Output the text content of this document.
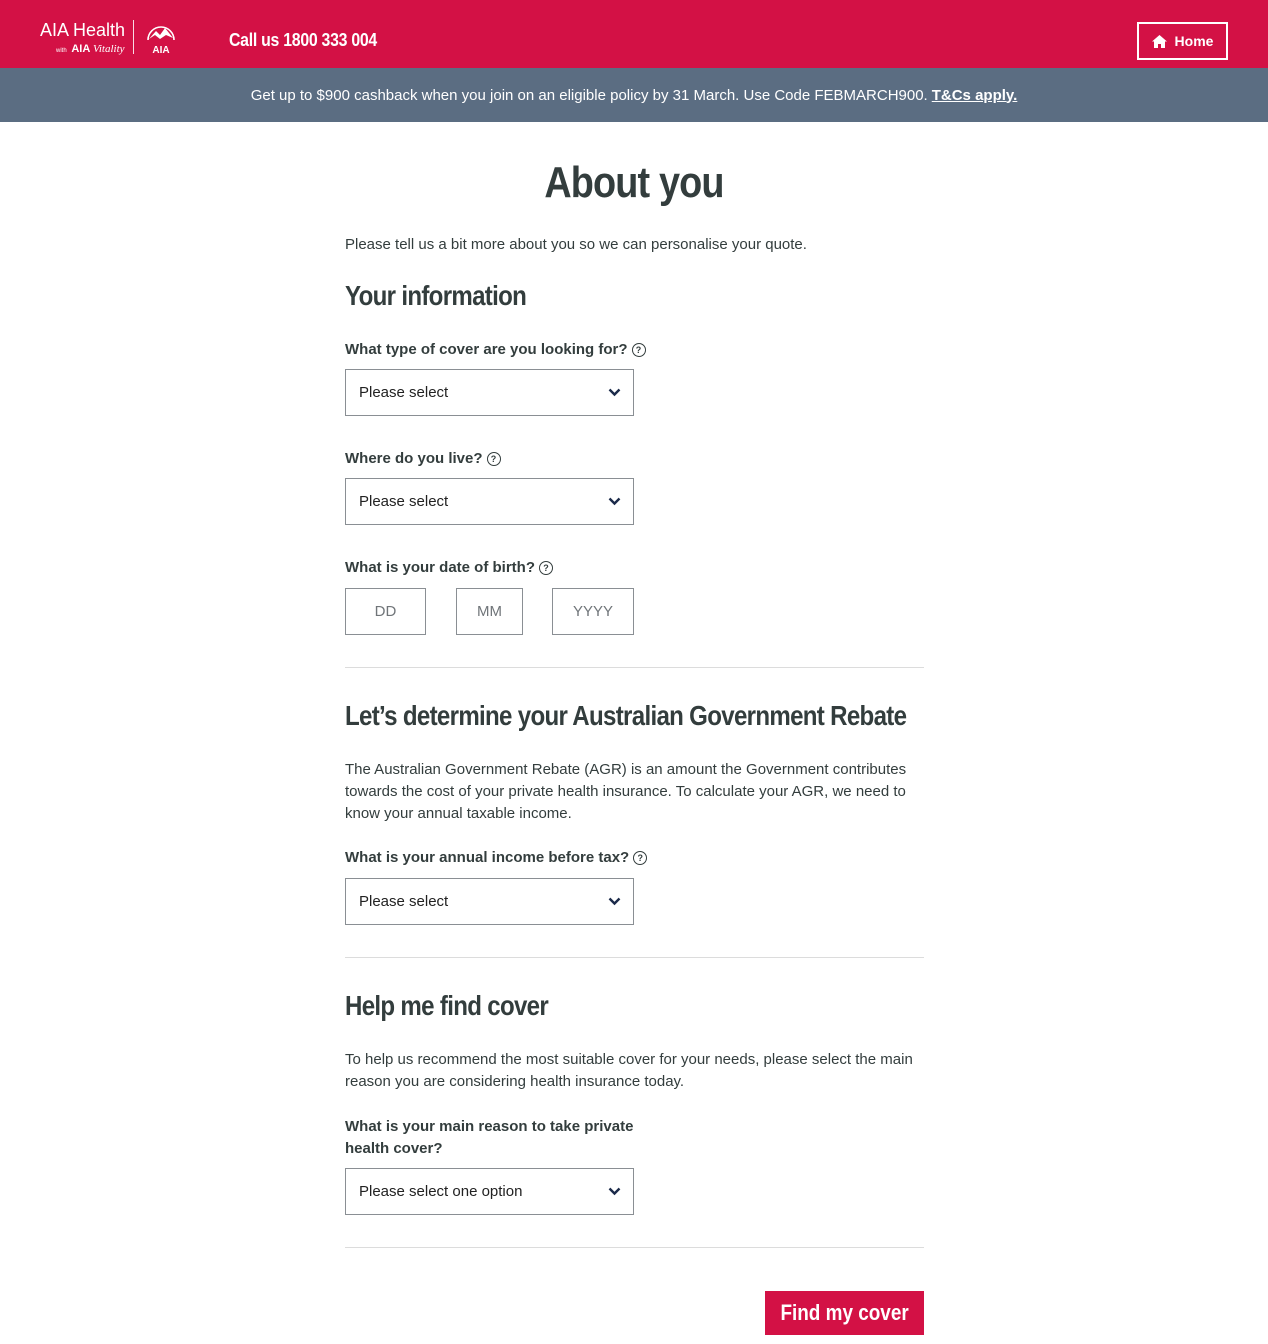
AIA Health
with AIA Vitality	AIA
Call us 1800 333 004	Home
Get up to $900 cashback when you join on an eligible policy by 31 March. Use Code FEBMARCH900. T&Cs apply.
About you

Please tell us a bit more about you so we can personalise your quote.

Your information
What type of cover are you looking for? ?
Please select
Where do you live? ?
Please select
What is your date of birth? ?
DD	MM	YYYY
Let’s determine your Australian Government Rebate

The Australian Government Rebate (AGR) is an amount the Government contributes towards the cost of your private health insurance. To calculate your AGR, we need to know your annual taxable income.

What is your annual income before tax? ?
Please select
Help me find cover

To help us recommend the most suitable cover for your needs, please select the main reason you are considering health insurance today.

What is your main reason to take private health cover?
Please select one option
Find my cover
